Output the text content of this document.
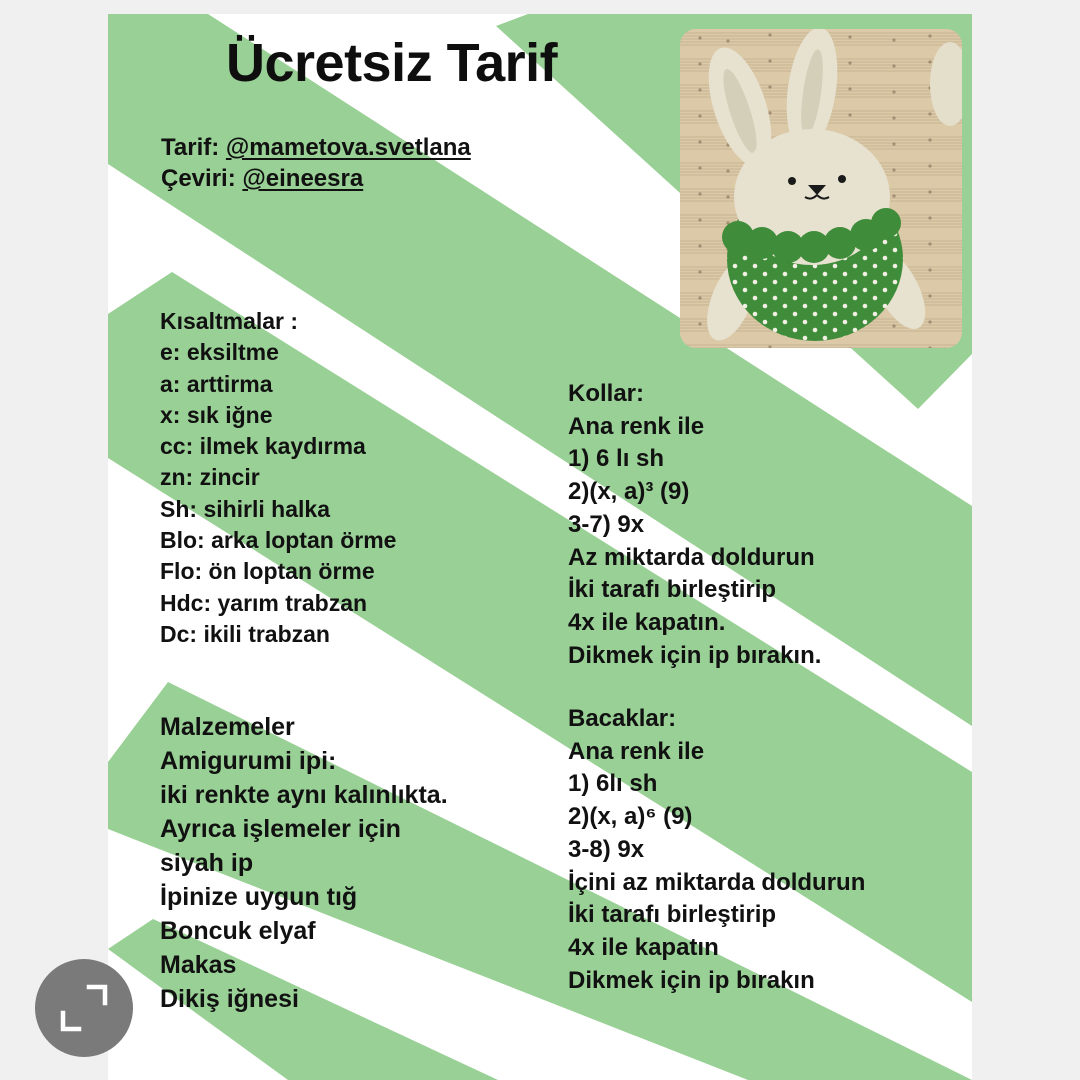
Ücretsiz Tarif
Tarif: @mametova.svetlana
Çeviri: @eineesra
Kısaltmalar :
e: eksiltme
a: arttirma
x: sık iğne
cc: ilmek kaydırma
zn: zincir
Sh: sihirli halka
Blo: arka loptan örme
Flo: ön loptan örme
Hdc: yarım trabzan
Dc: ikili trabzan
Malzemeler
Amigurumi ipi:
iki renkte aynı kalınlıkta.
Ayrıca işlemeler için
siyah ip
İpinize uygun tığ
Boncuk elyaf
Makas
Dikiş iğnesi
Kollar:
Ana renk ile
1) 6 lı sh
2)(x, a)³ (9)
3-7) 9x
Az miktarda doldurun
İki tarafı birleştirip
4x ile kapatın.
Dikmek için ip bırakın.
Bacaklar:
Ana renk ile
1) 6lı sh
2)(x, a)⁶ (9)
3-8) 9x
İçini az miktarda doldurun
İki tarafı birleştirip
4x ile kapatın
Dikmek için ip bırakın
